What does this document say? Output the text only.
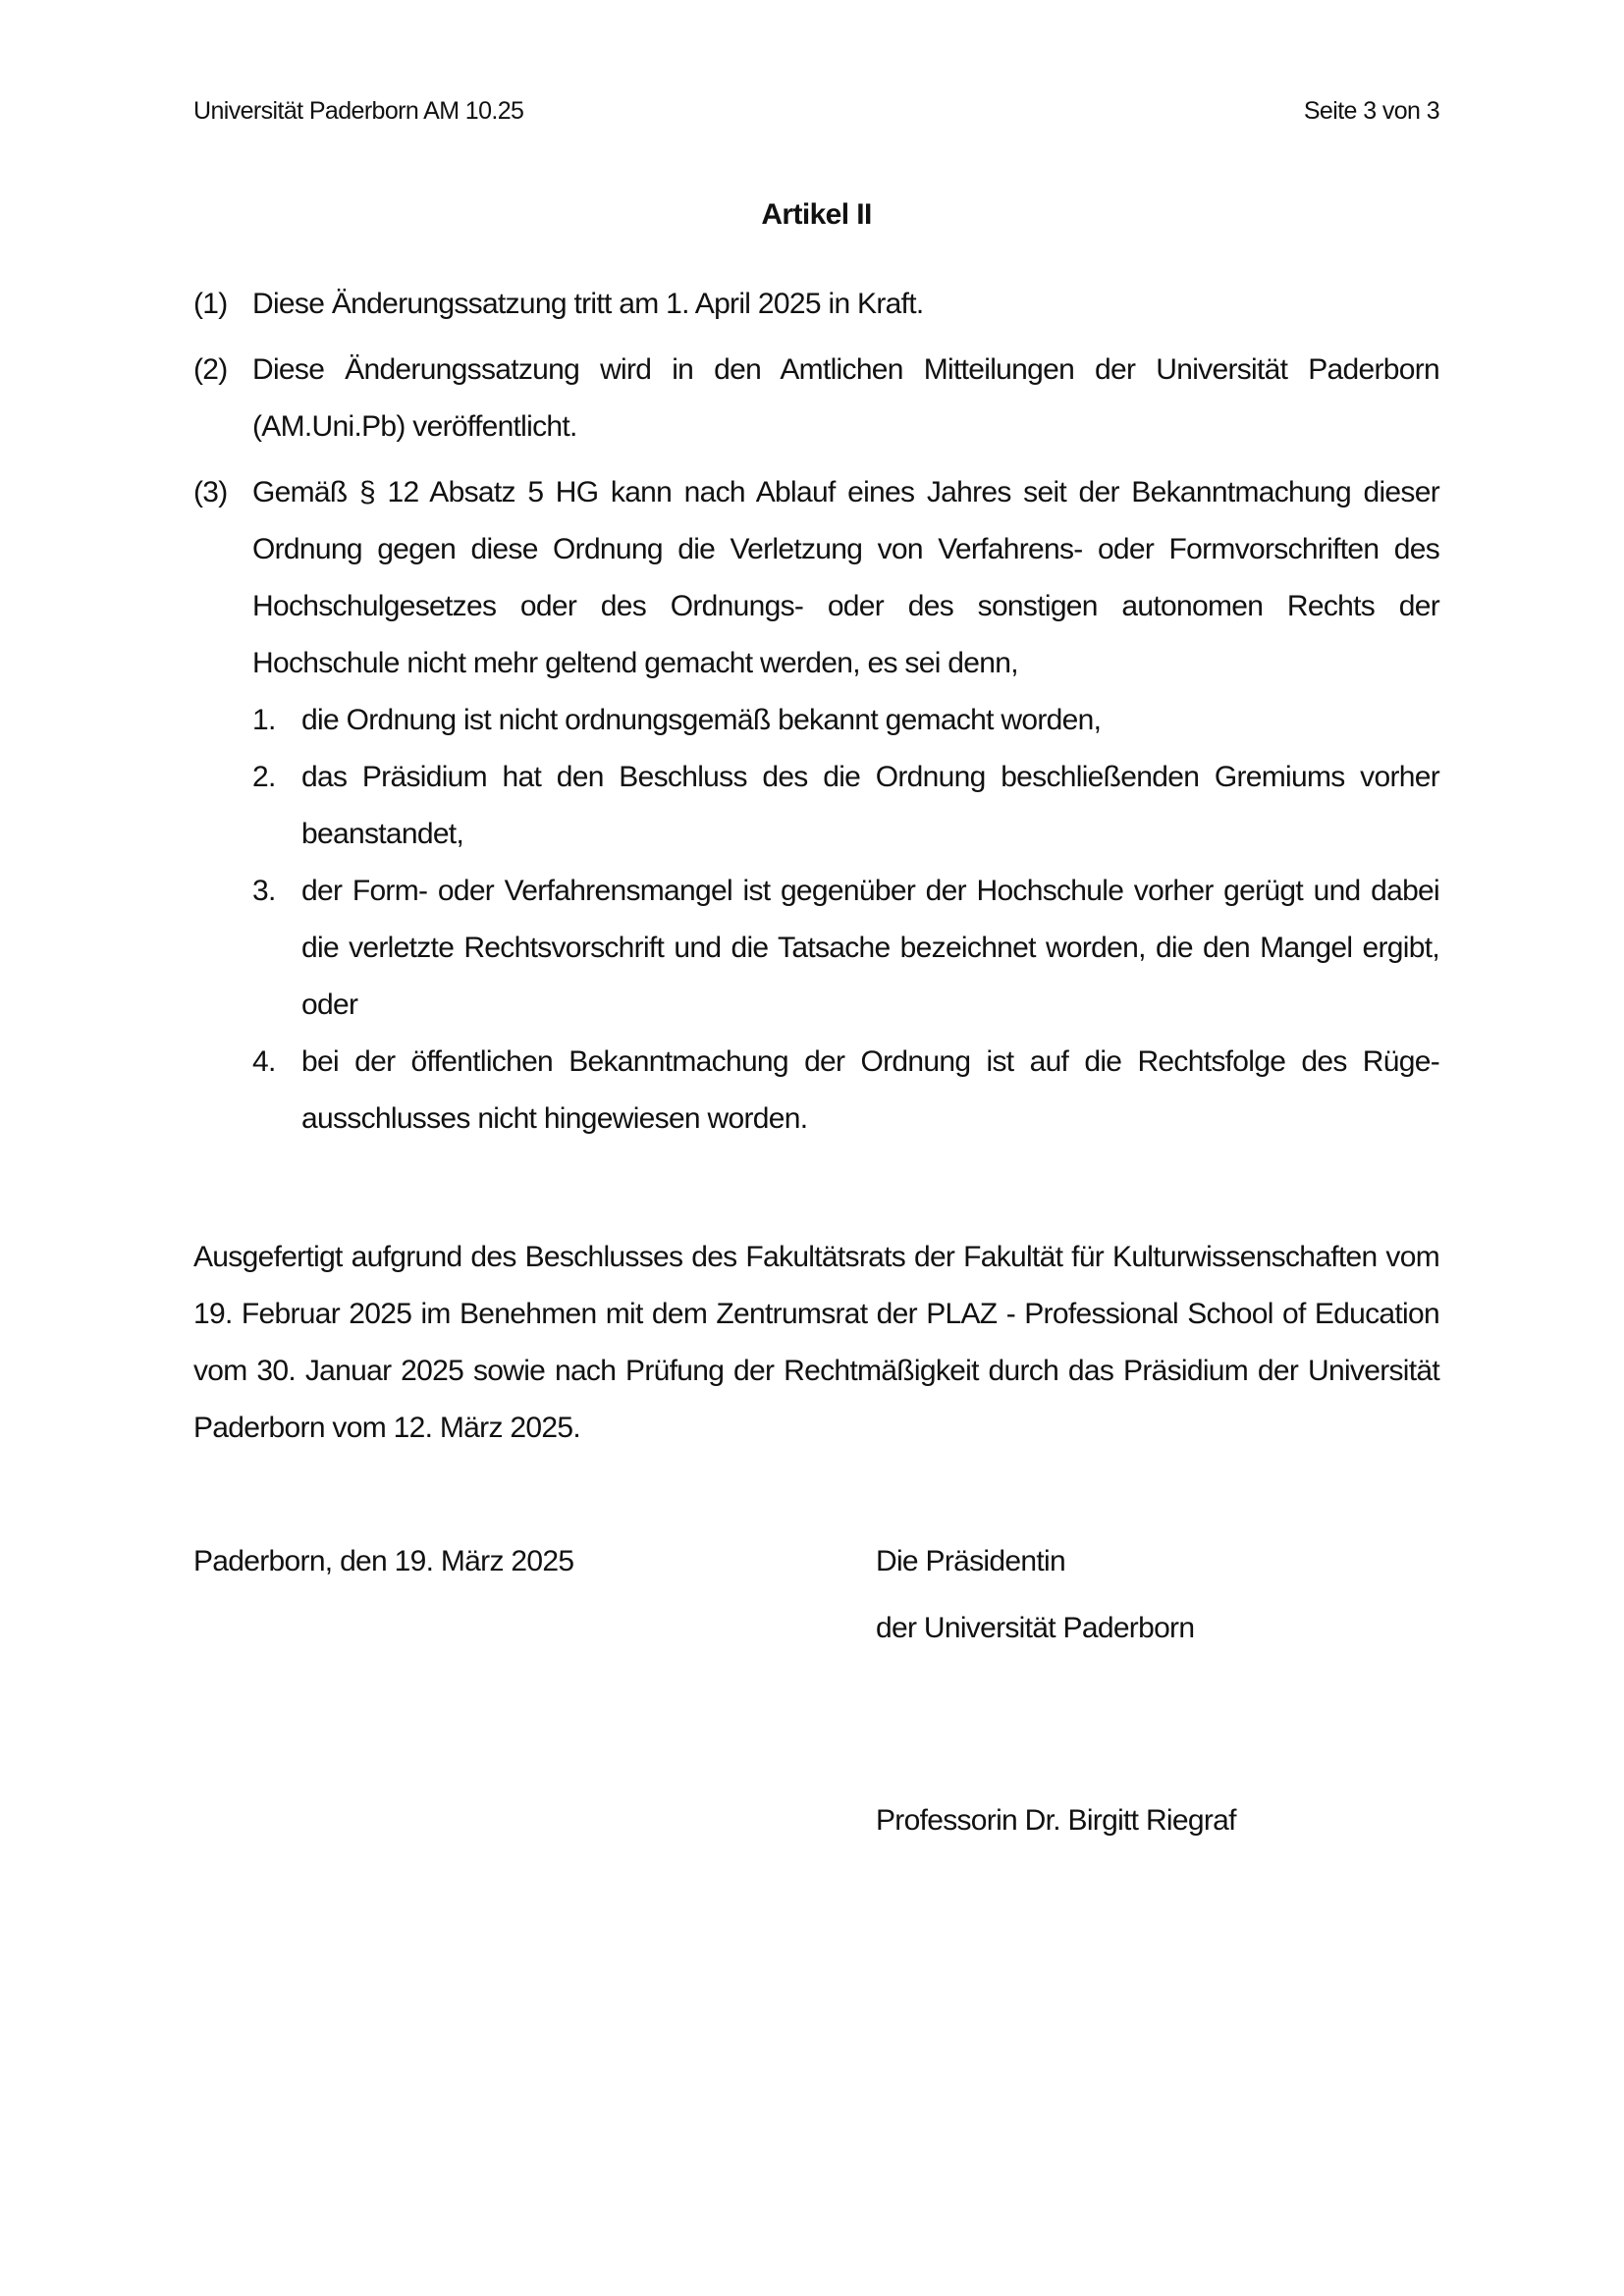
Universität Paderborn AM 10.25	Seite 3 von 3
Artikel II
(1) Diese Änderungssatzung tritt am 1. April 2025 in Kraft.
(2) Diese Änderungssatzung wird in den Amtlichen Mitteilungen der Universität Paderborn (AM.Uni.Pb) veröffentlicht.
(3) Gemäß § 12 Absatz 5 HG kann nach Ablauf eines Jahres seit der Bekanntmachung dieser Ordnung gegen diese Ordnung die Verletzung von Verfahrens- oder Formvorschriften des Hochschulgesetzes oder des Ordnungs- oder des sonstigen autonomen Rechts der Hochschule nicht mehr geltend gemacht werden, es sei denn,
1. die Ordnung ist nicht ordnungsgemäß bekannt gemacht worden,
2. das Präsidium hat den Beschluss des die Ordnung beschließenden Gremiums vorher beanstandet,
3. der Form- oder Verfahrensmangel ist gegenüber der Hochschule vorher gerügt und dabei die verletzte Rechtsvorschrift und die Tatsache bezeichnet worden, die den Mangel ergibt, oder
4. bei der öffentlichen Bekanntmachung der Ordnung ist auf die Rechtsfolge des Rüge-ausschlusses nicht hingewiesen worden.
Ausgefertigt aufgrund des Beschlusses des Fakultätsrats der Fakultät für Kulturwissenschaften vom 19. Februar 2025 im Benehmen mit dem Zentrumsrat der PLAZ - Professional School of Education vom 30. Januar 2025 sowie nach Prüfung der Rechtmäßigkeit durch das Präsidium der Universität Paderborn vom 12. März 2025.
Paderborn, den 19. März 2025	Die Präsidentin
der Universität Paderborn
Professorin Dr. Birgitt Riegraf
